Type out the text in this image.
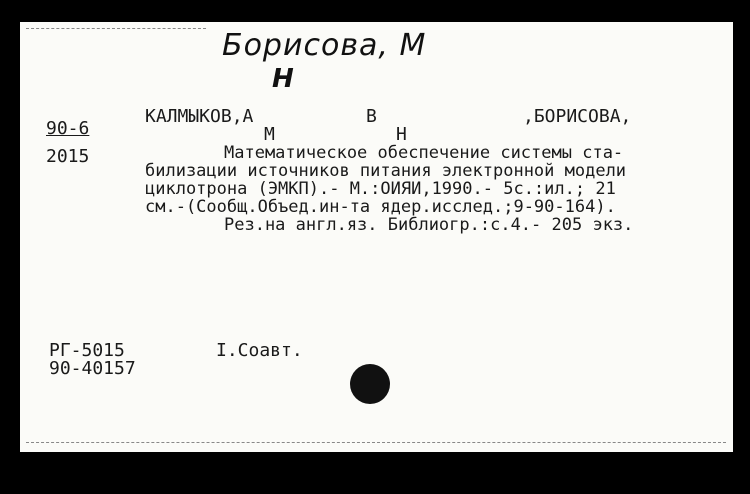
Борисова, М
Н
90-6
2015
КАЛМЫКОВ,А	В	,БОРИСОВА,
М	Н
Математическое обеспечение системы ста-
билизации источников питания электронной модели
циклотрона (ЭМКП).- М.:ОИЯИ,1990.- 5с.:ил.; 21
см.-(Сообщ.Объед.ин-та ядер.исслед.;9-90-164).
Рез.на англ.яз. Библиогр.:с.4.- 205 экз.
РГ-5015
90-40157
I.Соавт.
